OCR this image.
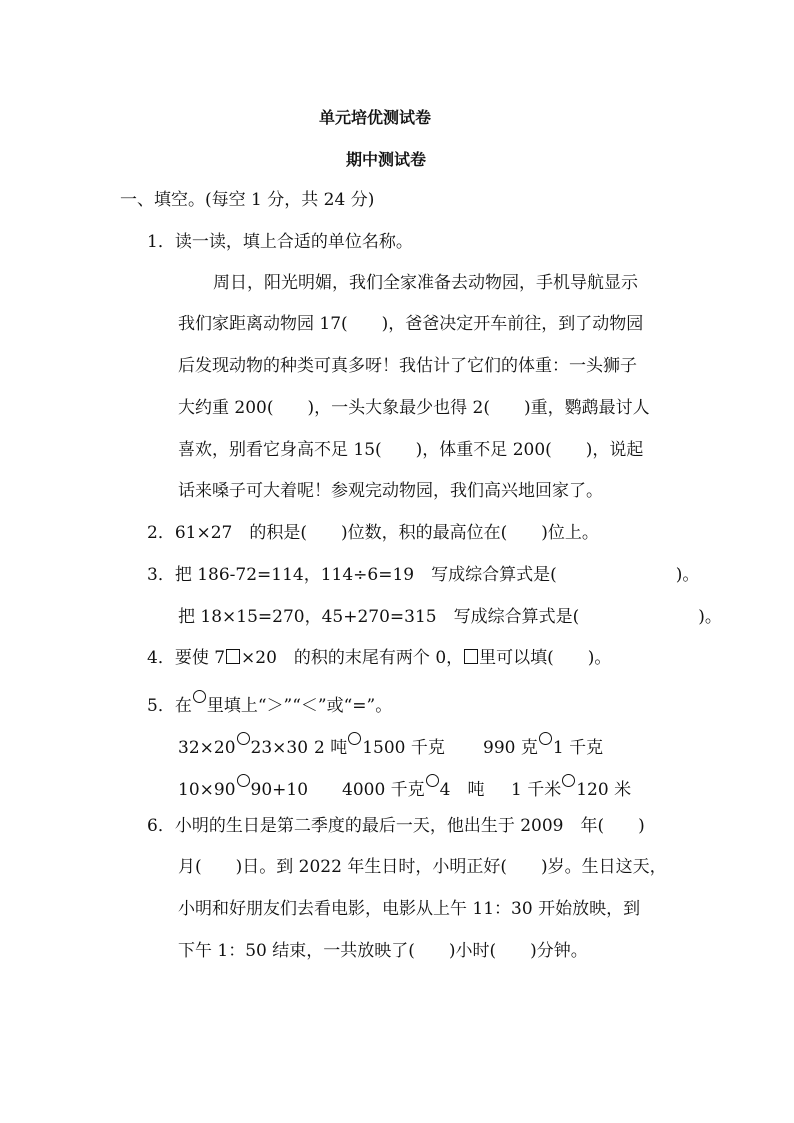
单元培优测试卷
期中测试卷
一、填空。(每空 1 分，共 24 分)
1．读一读，填上合适的单位名称。
周日，阳光明媚，我们全家准备去动物园，手机导航显示
我们家距离动物园 17(　　)，爸爸决定开车前往，到了动物园
后发现动物的种类可真多呀！我估计了它们的体重：一头狮子
大约重 200(　　)，一头大象最少也得 2(　　)重，鹦鹉最讨人
喜欢，别看它身高不足 15(　　)，体重不足 200(　　)，说起
话来嗓子可大着呢！参观完动物园，我们高兴地回家了。
2．61×27　的积是(　　)位数，积的最高位在(　　)位上。
3．把 186-72=114，114÷6=19　写成综合算式是(　　　　　　　)。
把 18×15=270，45+270=315　写成综合算式是(　　　　　　　)。
4．要使 7 ×20　的积的末尾有两个 0， 里可以填(　　)。
5．在 里填上“＞”“＜”或“=”。
32×20 23×30 2 吨 1500 千克 990 克 1 千克
10×90 90+10 4000 千克 4　吨 1 千米 120 米
6．小明的生日是第二季度的最后一天，他出生于 2009　年(　　)
月(　　)日。到 2022 年生日时，小明正好(　　)岁。生日这天，
小明和好朋友们去看电影，电影从上午 11：30 开始放映，到
下午 1：50 结束，一共放映了(　　)小时(　　)分钟。
